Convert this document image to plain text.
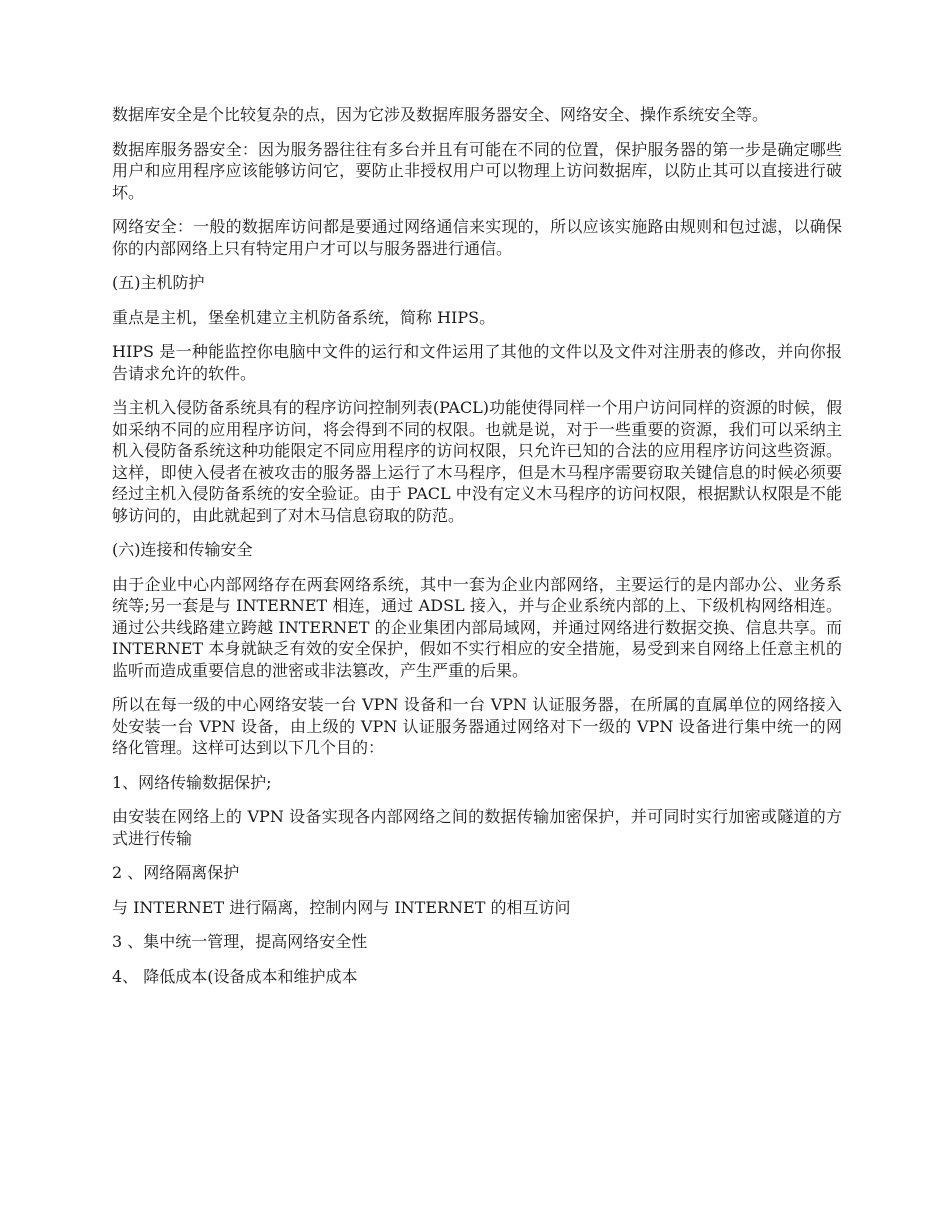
数据库安全是个比较复杂的点，因为它涉及数据库服务器安全、网络安全、操作系统安全等。

数据库服务器安全：因为服务器往往有多台并且有可能在不同的位置，保护服务器的第一步是确定哪些用户和应用程序应该能够访问它，要防止非授权用户可以物理上访问数据库，以防止其可以直接进行破坏。

网络安全：一般的数据库访问都是要通过网络通信来实现的，所以应该实施路由规则和包过滤，以确保你的内部网络上只有特定用户才可以与服务器进行通信。

(五)主机防护

重点是主机，堡垒机建立主机防备系统，简称 HIPS。

HIPS 是一种能监控你电脑中文件的运行和文件运用了其他的文件以及文件对注册表的修改，并向你报告请求允许的软件。

当主机入侵防备系统具有的程序访问控制列表(PACL)功能使得同样一个用户访问同样的资源的时候，假如采纳不同的应用程序访问，将会得到不同的权限。也就是说，对于一些重要的资源，我们可以采纳主机入侵防备系统这种功能限定不同应用程序的访问权限，只允许已知的合法的应用程序访问这些资源。这样，即使入侵者在被攻击的服务器上运行了木马程序，但是木马程序需要窃取关键信息的时候必须要经过主机入侵防备系统的安全验证。由于 PACL 中没有定义木马程序的访问权限，根据默认权限是不能够访问的，由此就起到了对木马信息窃取的防范。

(六)连接和传输安全

由于企业中心内部网络存在两套网络系统，其中一套为企业内部网络，主要运行的是内部办公、业务系统等;另一套是与 INTERNET 相连，通过 ADSL 接入，并与企业系统内部的上、下级机构网络相连。通过公共线路建立跨越 INTERNET 的企业集团内部局域网，并通过网络进行数据交换、信息共享。而 INTERNET 本身就缺乏有效的安全保护，假如不实行相应的安全措施，易受到来自网络上任意主机的监听而造成重要信息的泄密或非法篡改，产生严重的后果。

所以在每一级的中心网络安装一台 VPN 设备和一台 VPN 认证服务器，在所属的直属单位的网络接入处安装一台 VPN 设备，由上级的 VPN 认证服务器通过网络对下一级的 VPN 设备进行集中统一的网络化管理。这样可达到以下几个目的：

1、网络传输数据保护;

由安装在网络上的 VPN 设备实现各内部网络之间的数据传输加密保护，并可同时实行加密或隧道的方式进行传输

2 、网络隔离保护

与 INTERNET 进行隔离，控制内网与 INTERNET 的相互访问

3 、集中统一管理，提高网络安全性

4、 降低成本(设备成本和维护成本
